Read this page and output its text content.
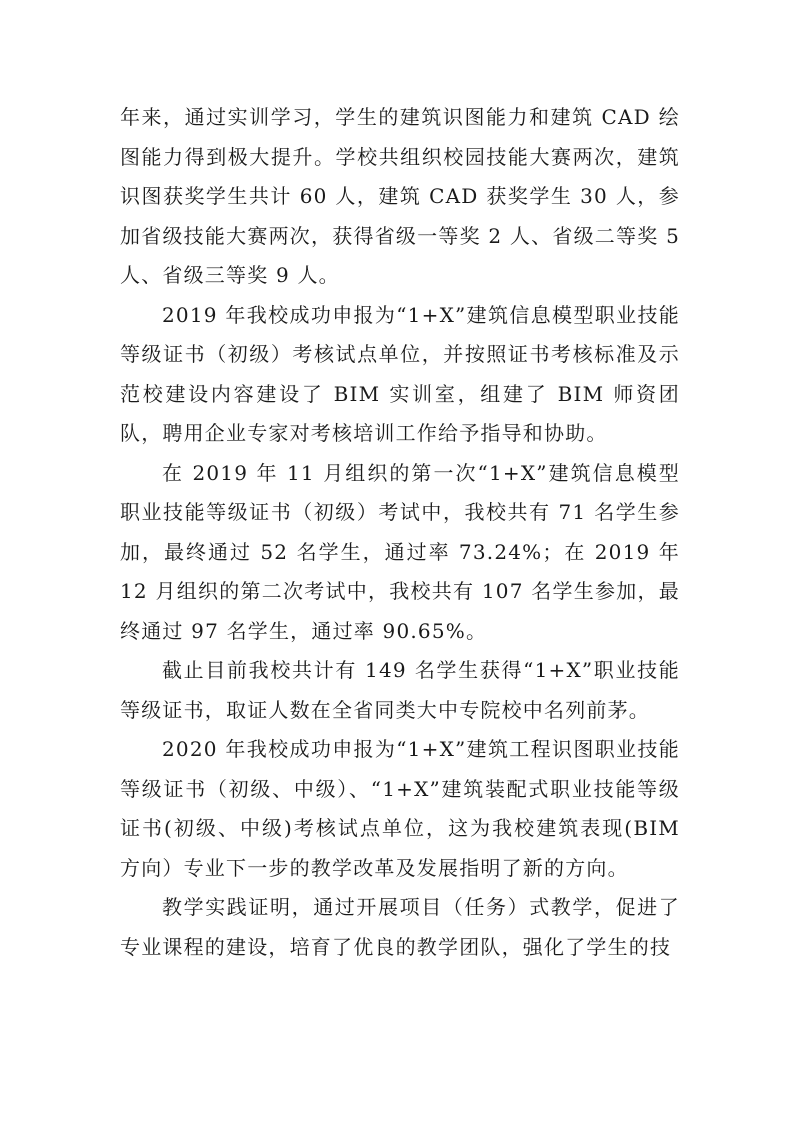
年来，通过实训学习，学生的建筑识图能力和建筑 CAD 绘图能力得到极大提升。学校共组织校园技能大赛两次，建筑识图获奖学生共计 60 人，建筑 CAD 获奖学生 30 人，参加省级技能大赛两次，获得省级一等奖 2 人、省级二等奖 5 人、省级三等奖 9 人。

2019 年我校成功申报为“1+X”建筑信息模型职业技能等级证书（初级）考核试点单位，并按照证书考核标准及示范校建设内容建设了 BIM 实训室，组建了 BIM 师资团队，聘用企业专家对考核培训工作给予指导和协助。

在 2019 年 11 月组织的第一次“1+X”建筑信息模型职业技能等级证书（初级）考试中，我校共有 71 名学生参加，最终通过 52 名学生，通过率 73.24%；在 2019 年 12 月组织的第二次考试中，我校共有 107 名学生参加，最终通过 97 名学生，通过率 90.65%。

截止目前我校共计有 149 名学生获得“1+X”职业技能等级证书，取证人数在全省同类大中专院校中名列前茅。

2020 年我校成功申报为“1+X”建筑工程识图职业技能等级证书（初级、中级）、“1+X”建筑装配式职业技能等级证书(初级、中级)考核试点单位，这为我校建筑表现(BIM方向）专业下一步的教学改革及发展指明了新的方向。

教学实践证明，通过开展项目（任务）式教学，促进了专业课程的建设，培育了优良的教学团队，强化了学生的技
